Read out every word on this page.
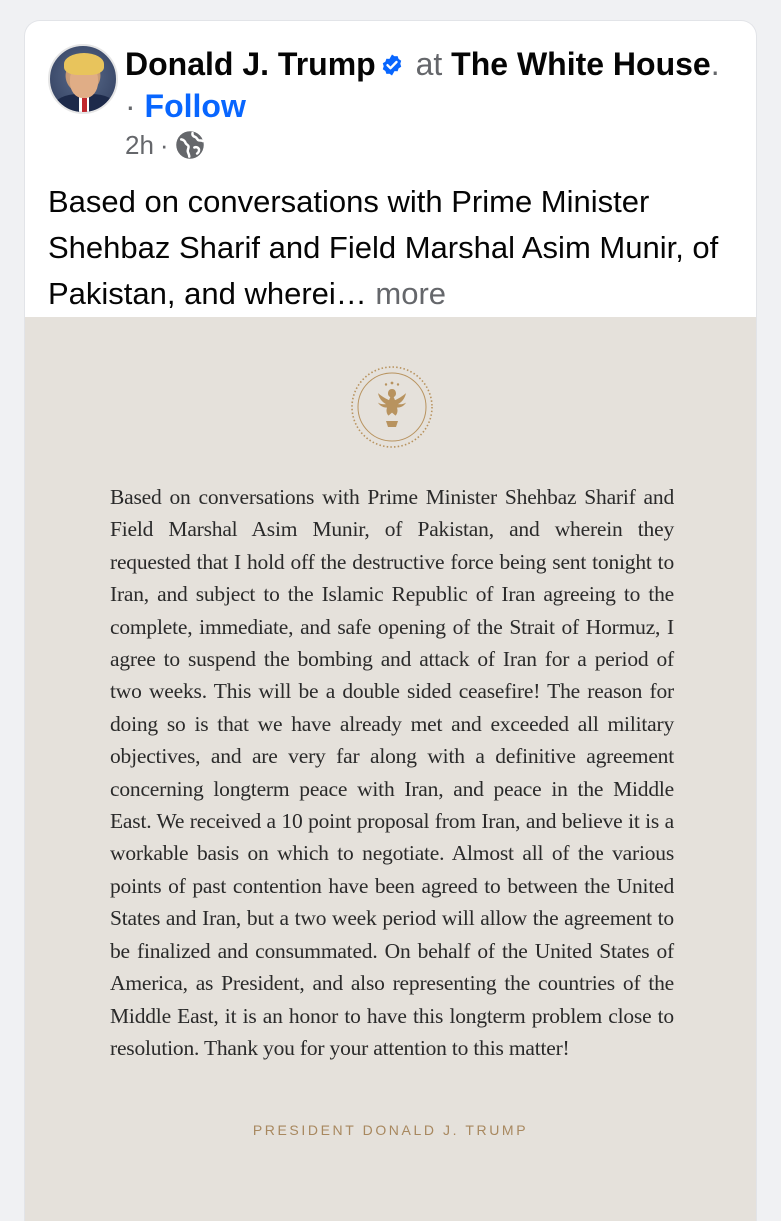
Donald J. Trump at The White House. · Follow
2h ·
Based on conversations with Prime Minister Shehbaz Sharif and Field Marshal Asim Munir, of Pakistan, and wherei… more
Based on conversations with Prime Minister Shehbaz Sharif and Field Marshal Asim Munir, of Pakistan, and wherein they requested that I hold off the destructive force being sent tonight to Iran, and subject to the Islamic Republic of Iran agreeing to the complete, immediate, and safe opening of the Strait of Hormuz, I agree to suspend the bombing and attack of Iran for a period of two weeks. This will be a double sided ceasefire! The reason for doing so is that we have already met and exceeded all military objectives, and are very far along with a definitive agreement concerning longterm peace with Iran, and peace in the Middle East. We received a 10 point proposal from Iran, and believe it is a workable basis on which to negotiate. Almost all of the various points of past contention have been agreed to between the United States and Iran, but a two week period will allow the agreement to be finalized and consummated. On behalf of the United States of America, as President, and also representing the countries of the Middle East, it is an honor to have this longterm problem close to resolution. Thank you for your attention to this matter!
PRESIDENT DONALD J. TRUMP
